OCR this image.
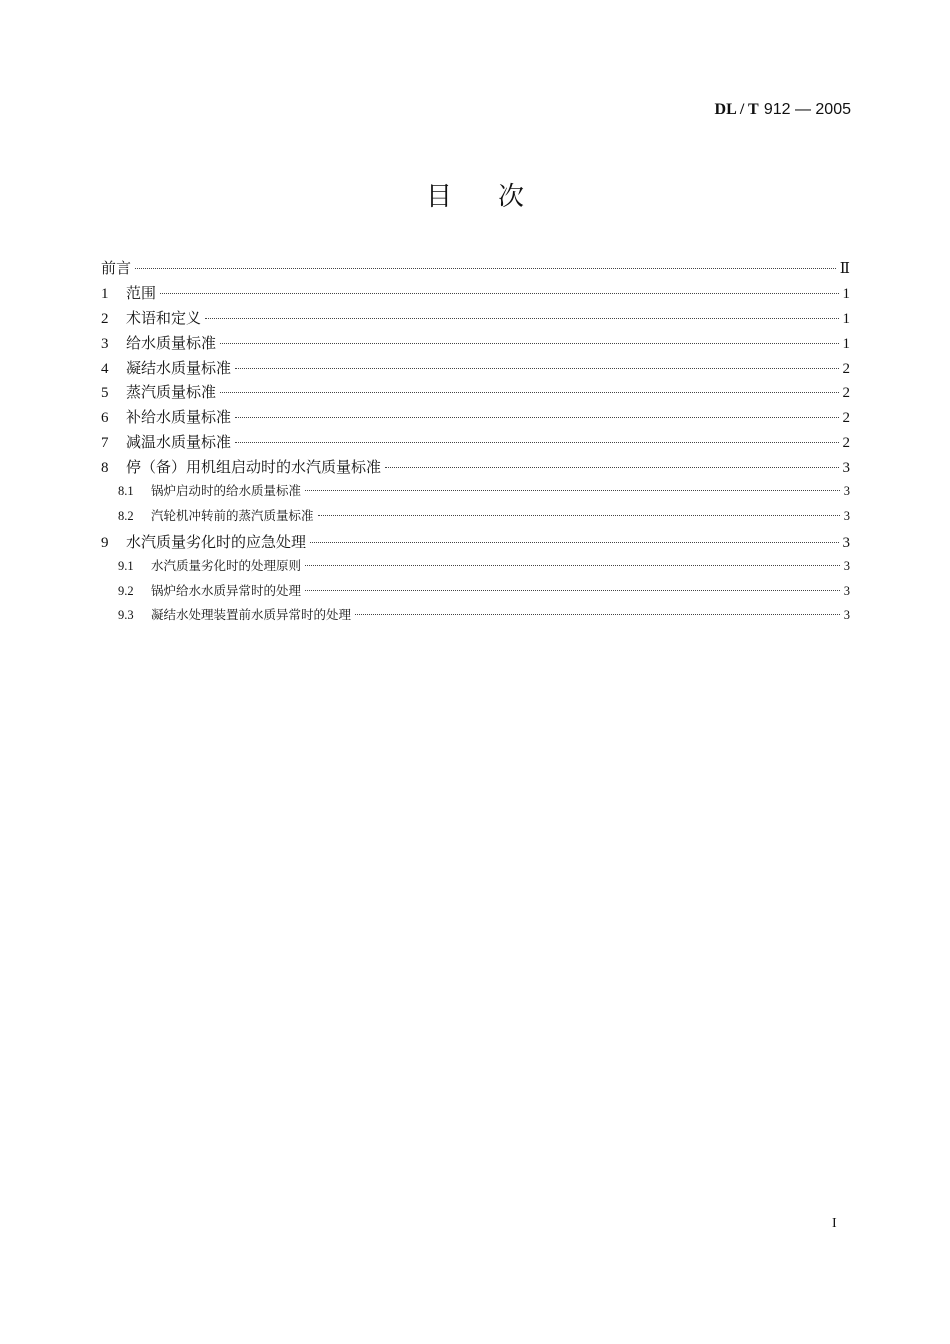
DL / T 912 — 2005
目次
前言	Ⅱ
1	范围	1
2	术语和定义	1
3	给水质量标准	1
4	凝结水质量标准	2
5	蒸汽质量标准	2
6	补给水质量标准	2
7	减温水质量标准	2
8	停（备）用机组启动时的水汽质量标准	3
8.1	锅炉启动时的给水质量标准	3
8.2	汽轮机冲转前的蒸汽质量标准	3
9	水汽质量劣化时的应急处理	3
9.1	水汽质量劣化时的处理原则	3
9.2	锅炉给水水质异常时的处理	3
9.3	凝结水处理装置前水质异常时的处理	3
I
